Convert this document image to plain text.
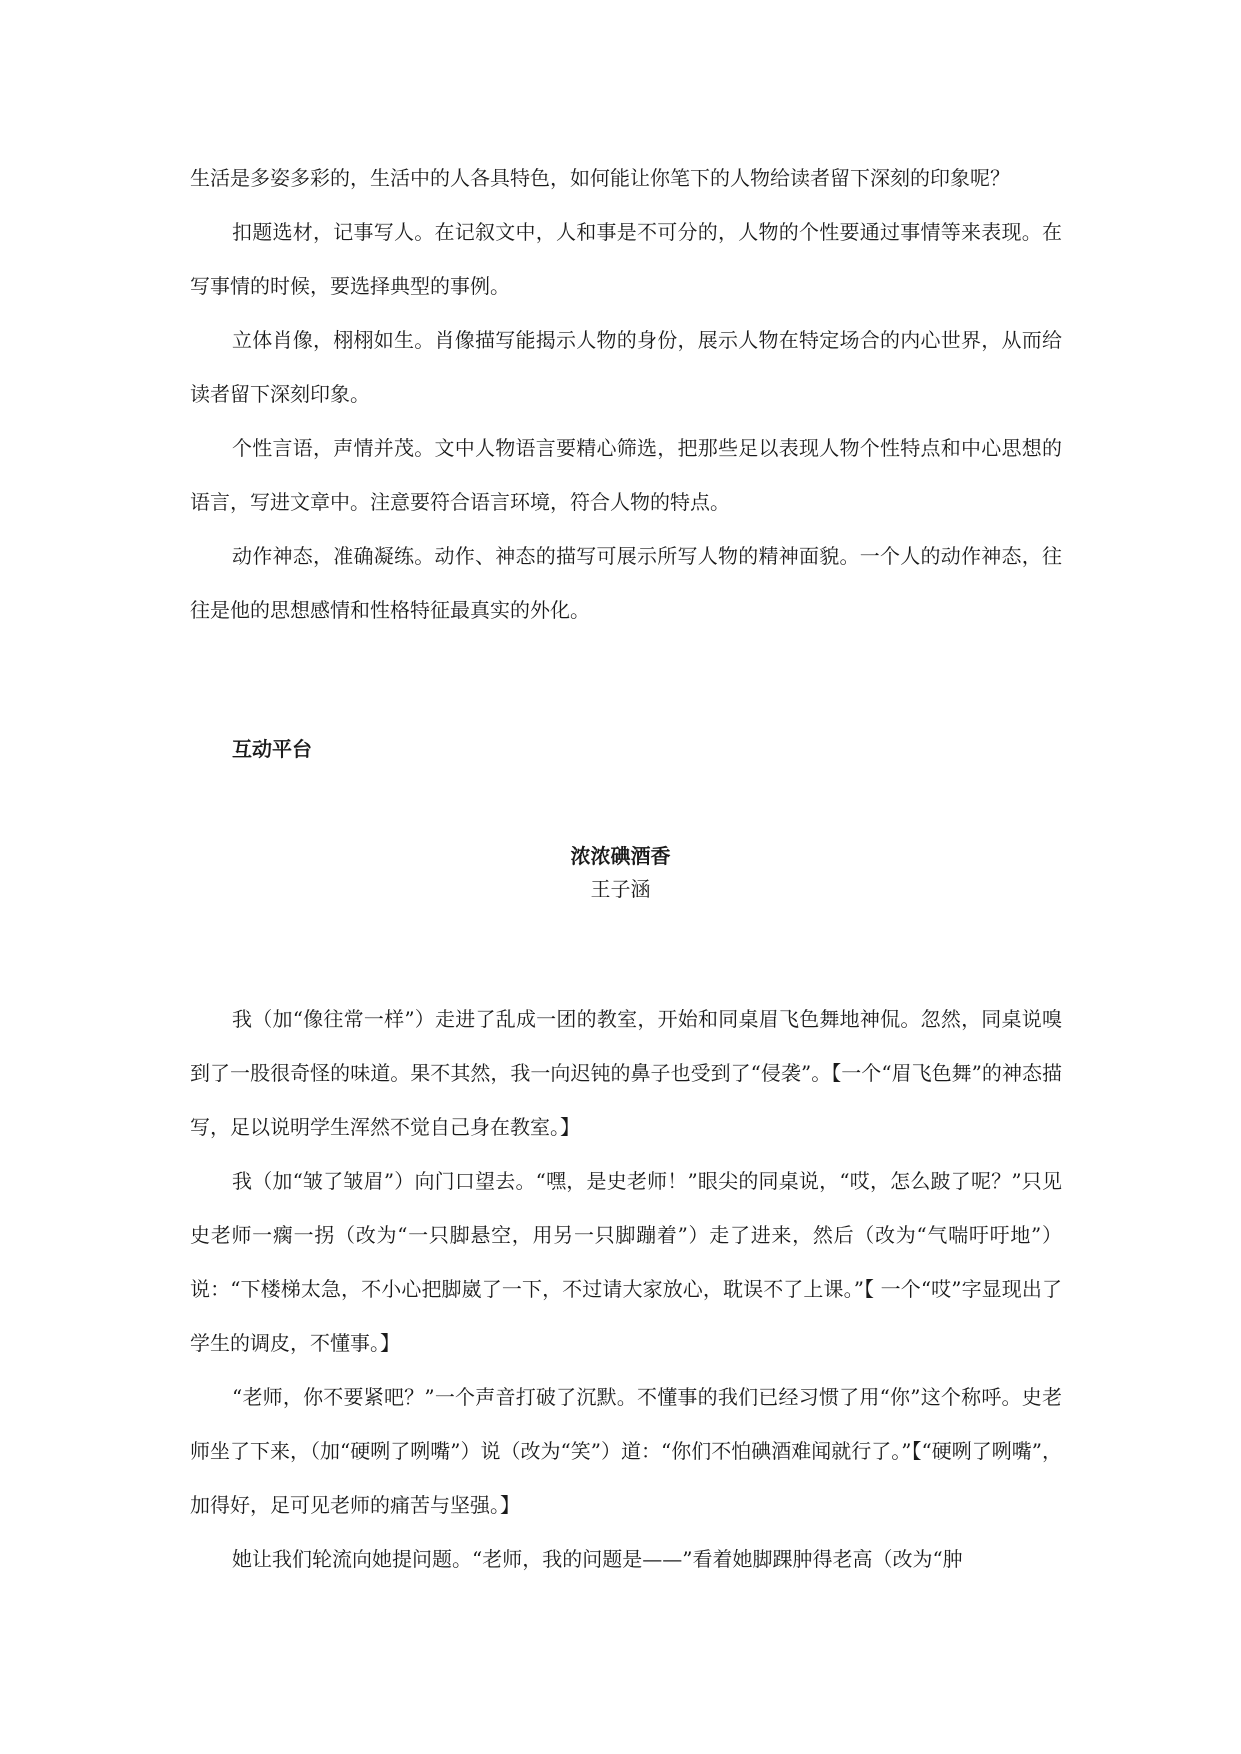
生活是多姿多彩的，生活中的人各具特色，如何能让你笔下的人物给读者留下深刻的印象呢？

扣题选材，记事写人。在记叙文中，人和事是不可分的，人物的个性要通过事情等来表现。在写事情的时候，要选择典型的事例。

立体肖像，栩栩如生。肖像描写能揭示人物的身份，展示人物在特定场合的内心世界，从而给读者留下深刻印象。

个性言语，声情并茂。文中人物语言要精心筛选，把那些足以表现人物个性特点和中心思想的语言，写进文章中。注意要符合语言环境，符合人物的特点。

动作神态，准确凝练。动作、神态的描写可展示所写人物的精神面貌。一个人的动作神态，往往是他的思想感情和性格特征最真实的外化。

互动平台
浓浓碘酒香
王子涵

我（加“像往常一样”）走进了乱成一团的教室，开始和同桌眉飞色舞地神侃。忽然，同桌说嗅到了一股很奇怪的味道。果不其然，我一向迟钝的鼻子也受到了“侵袭”。【一个“眉飞色舞”的神态描写，足以说明学生浑然不觉自己身在教室。】

我（加“皱了皱眉”）向门口望去。“嘿，是史老师！”眼尖的同桌说，“哎，怎么跛了呢？”只见史老师一瘸一拐（改为“一只脚悬空，用另一只脚蹦着”）走了进来，然后（改为“气喘吁吁地”）说：“下楼梯太急，不小心把脚崴了一下，不过请大家放心，耽误不了上课。”【 一个“哎”字显现出了学生的调皮，不懂事。】

“老师，你不要紧吧？”一个声音打破了沉默。不懂事的我们已经习惯了用“你”这个称呼。史老师坐了下来，（加“硬咧了咧嘴”）说（改为“笑”）道：“你们不怕碘酒难闻就行了。”【“硬咧了咧嘴”，加得好，足可见老师的痛苦与坚强。】

她让我们轮流向她提问题。“老师，我的问题是——”看着她脚踝肿得老高（改为“肿
